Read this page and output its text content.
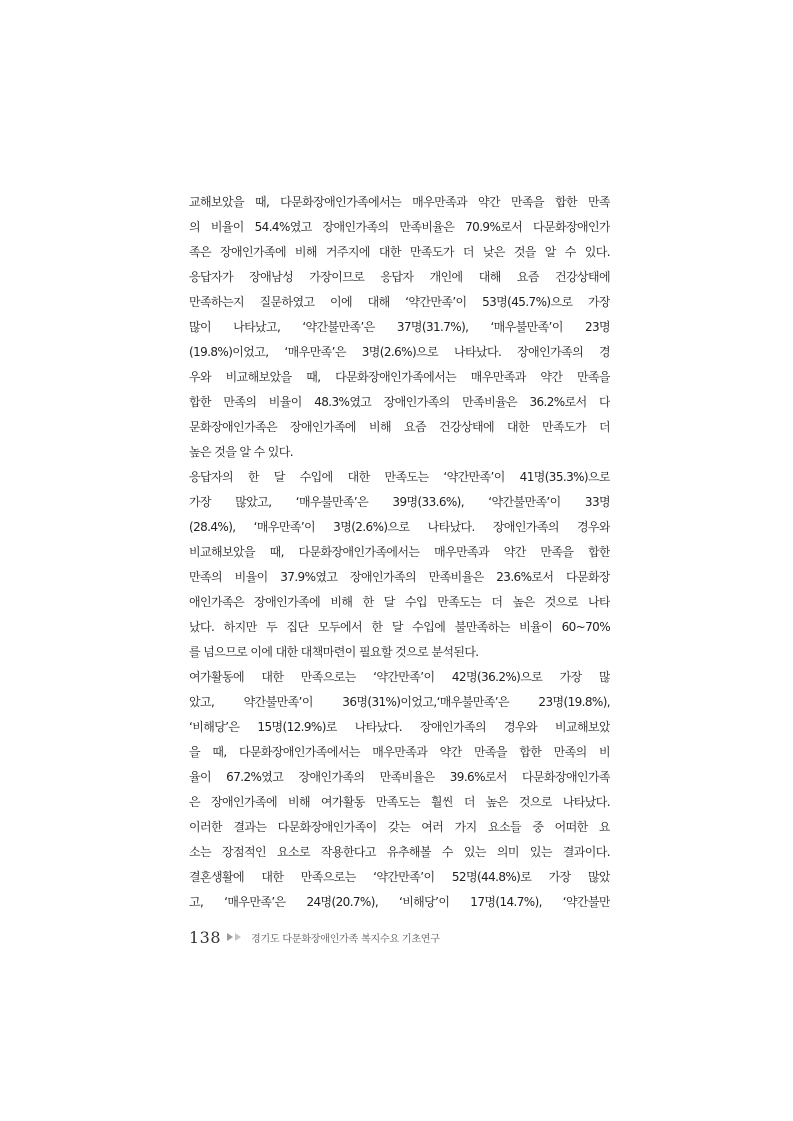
교해보았을 때, 다문화장애인가족에서는 매우만족과 약간 만족을 합한 만족
의 비율이 54.4%였고 장애인가족의 만족비율은 70.9%로서 다문화장애인가
족은 장애인가족에 비해 거주지에 대한 만족도가 더 낮은 것을 알 수 있다.
응답자가 장애남성 가장이므로 응답자 개인에 대해 요즘 건강상태에
만족하는지 질문하였고 이에 대해 ‘약간만족’이 53명(45.7%)으로 가장
많이 나타났고, ‘약간불만족’은 37명(31.7%), ‘매우불만족’이 23명
(19.8%)이었고, ‘매우만족’은 3명(2.6%)으로 나타났다. 장애인가족의 경
우와 비교해보았을 때, 다문화장애인가족에서는 매우만족과 약간 만족을
합한 만족의 비율이 48.3%였고 장애인가족의 만족비율은 36.2%로서 다
문화장애인가족은 장애인가족에 비해 요즘 건강상태에 대한 만족도가 더
높은 것을 알 수 있다.
응답자의 한 달 수입에 대한 만족도는 ‘약간만족’이 41명(35.3%)으로
가장 많았고, ‘매우불만족’은 39명(33.6%), ‘약간불만족’이 33명
(28.4%), ‘매우만족’이 3명(2.6%)으로 나타났다. 장애인가족의 경우와
비교해보았을 때, 다문화장애인가족에서는 매우만족과 약간 만족을 합한
만족의 비율이 37.9%였고 장애인가족의 만족비율은 23.6%로서 다문화장
애인가족은 장애인가족에 비해 한 달 수입 만족도는 더 높은 것으로 나타
났다. 하지만 두 집단 모두에서 한 달 수입에 불만족하는 비율이 60~70%
를 넘으므로 이에 대한 대책마련이 필요할 것으로 분석된다.
여가활동에 대한 만족으로는 ‘약간만족’이 42명(36.2%)으로 가장 많
았고, 약간불만족’이 36명(31%)이었고,‘매우불만족’은 23명(19.8%),
‘비해당’은 15명(12.9%)로 나타났다. 장애인가족의 경우와 비교해보았
을 때, 다문화장애인가족에서는 매우만족과 약간 만족을 합한 만족의 비
율이 67.2%였고 장애인가족의 만족비율은 39.6%로서 다문화장애인가족
은 장애인가족에 비해 여가활동 만족도는 훨씬 더 높은 것으로 나타났다.
이러한 결과는 다문화장애인가족이 갖는 여러 가지 요소들 중 어떠한 요
소는 장점적인 요소로 작용한다고 유추해볼 수 있는 의미 있는 결과이다.
결혼생활에 대한 만족으로는 ‘약간만족’이 52명(44.8%)로 가장 많았
고, ‘매우만족’은 24명(20.7%), ‘비해당’이 17명(14.7%), ‘약간불만
138	경기도 다문화장애인가족 복지수요 기초연구
